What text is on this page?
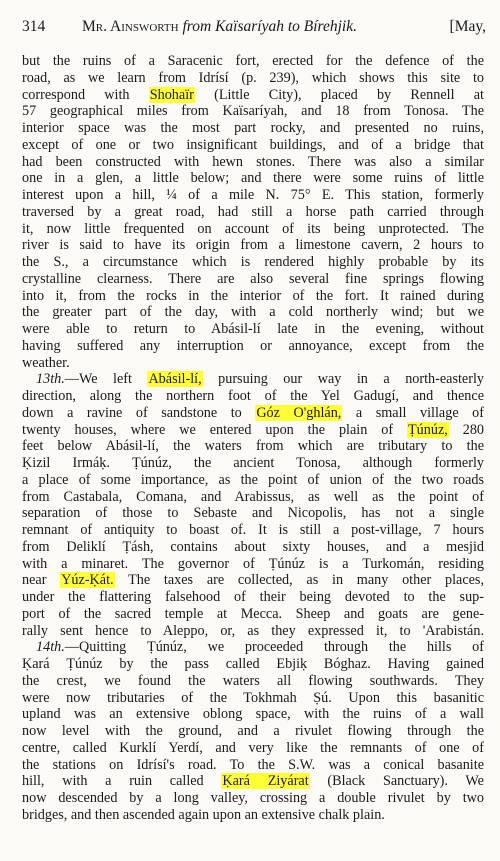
314	Mr. Ainsworth from Kaïsaríyah to Bírehjik.	[May,
but the ruins of a Saracenic fort, erected for the defence of the
road, as we learn from Idrísí (p. 239), which shows this site to
correspond with Shohaïr (Little City), placed by Rennell at
57 geographical miles from Kaïsaríyah, and 18 from Tonosa. The
interior space was the most part rocky, and presented no ruins,
except of one or two insignificant buildings, and of a bridge that
had been constructed with hewn stones. There was also a similar
one in a glen, a little below; and there were some ruins of little
interest upon a hill, ¼ of a mile N. 75° E. This station, formerly
traversed by a great road, had still a horse path carried through
it, now little frequented on account of its being unprotected. The
river is said to have its origin from a limestone cavern, 2 hours to
the S., a circumstance which is rendered highly probable by its
crystalline clearness. There are also several fine springs flowing
into it, from the rocks in the interior of the fort. It rained during
the greater part of the day, with a cold northerly wind; but we
were able to return to Abásil-lí late in the evening, without
having suffered any interruption or annoyance, except from the
weather.
13th.—We left Abásil-lí, pursuing our way in a north-easterly
direction, along the northern foot of the Yel Gadugí, and thence
down a ravine of sandstone to Góz O'ghlán, a small village of
twenty houses, where we entered upon the plain of Ṭúnúz, 280
feet below Abásil-lí, the waters from which are tributary to the
Ḳizil Irmáḳ. Ṭúnúz, the ancient Tonosa, although formerly
a place of some importance, as the point of union of the two roads
from Castabala, Comana, and Arabissus, as well as the point of
separation of those to Sebaste and Nicopolis, has not a single
remnant of antiquity to boast of. It is still a post-village, 7 hours
from Deliklí Ṭásh, contains about sixty houses, and a mesjid
with a minaret. The governor of Ṭúnúz is a Turkomán, residing
near Yúz-Ḳát. The taxes are collected, as in many other places,
under the flattering falsehood of their being devoted to the sup-
port of the sacred temple at Mecca. Sheep and goats are gene-
rally sent hence to Aleppo, or, as they expressed it, to 'Arabistán.
14th.—Quitting Ṭúnúz, we proceeded through the hills of
Ḳará Ṭúnúz by the pass called Ebjiḳ Bóghaz. Having gained
the crest, we found the waters all flowing southwards. They
were now tributaries of the Tokhmah Ṣú. Upon this basanitic
upland was an extensive oblong space, with the ruins of a wall
now level with the ground, and a rivulet flowing through the
centre, called Kurklí Yerdí, and very like the remnants of one of
the stations on Idrísí's road. To the S.W. was a conical basanite
hill, with a ruin called Ḳará Ziyárat (Black Sanctuary). We
now descended by a long valley, crossing a double rivulet by two
bridges, and then ascended again upon an extensive chalk plain.
